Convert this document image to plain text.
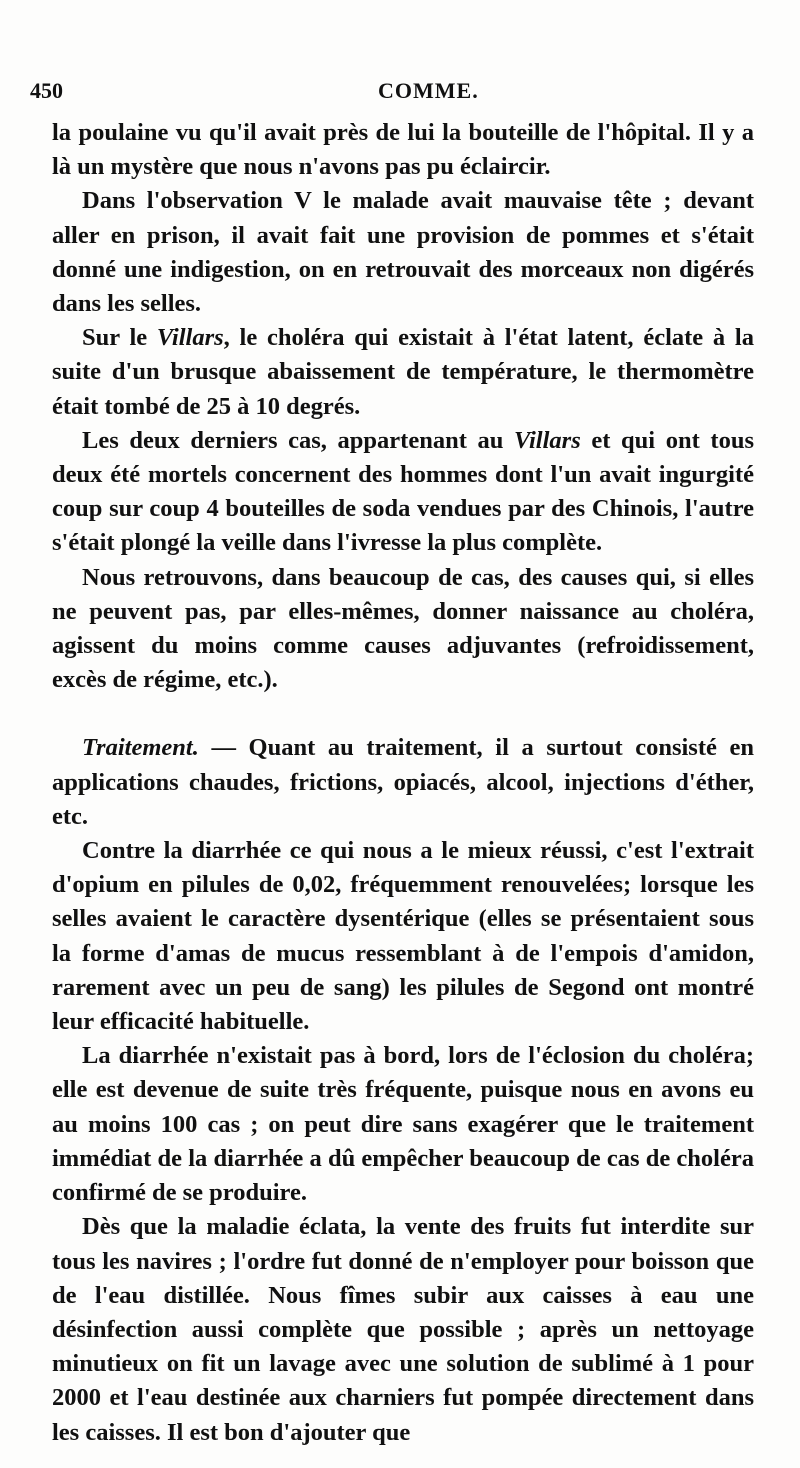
450	COMME.

la poulaine vu qu'il avait près de lui la bouteille de l'hôpital. Il y a là un mystère que nous n'avons pas pu éclaircir.

Dans l'observation V le malade avait mauvaise tête ; devant aller en prison, il avait fait une provision de pommes et s'était donné une indigestion, on en retrouvait des morceaux non digérés dans les selles.

Sur le Villars, le choléra qui existait à l'état latent, éclate à la suite d'un brusque abaissement de température, le thermomètre était tombé de 25 à 10 degrés.

Les deux derniers cas, appartenant au Villars et qui ont tous deux été mortels concernent des hommes dont l'un avait ingurgité coup sur coup 4 bouteilles de soda vendues par des Chinois, l'autre s'était plongé la veille dans l'ivresse la plus complète.

Nous retrouvons, dans beaucoup de cas, des causes qui, si elles ne peuvent pas, par elles-mêmes, donner naissance au choléra, agissent du moins comme causes adjuvantes (refroidissement, excès de régime, etc.).

Traitement. — Quant au traitement, il a surtout consisté en applications chaudes, frictions, opiacés, alcool, injections d'éther, etc.

Contre la diarrhée ce qui nous a le mieux réussi, c'est l'extrait d'opium en pilules de 0,02, fréquemment renouvelées; lorsque les selles avaient le caractère dysentérique (elles se présentaient sous la forme d'amas de mucus ressemblant à de l'empois d'amidon, rarement avec un peu de sang) les pilules de Segond ont montré leur efficacité habituelle.

La diarrhée n'existait pas à bord, lors de l'éclosion du choléra; elle est devenue de suite très fréquente, puisque nous en avons eu au moins 100 cas ; on peut dire sans exagérer que le traitement immédiat de la diarrhée a dû empêcher beaucoup de cas de choléra confirmé de se produire.

Dès que la maladie éclata, la vente des fruits fut interdite sur tous les navires ; l'ordre fut donné de n'employer pour boisson que de l'eau distillée. Nous fîmes subir aux caisses à eau une désinfection aussi complète que possible ; après un nettoyage minutieux on fit un lavage avec une solution de sublimé à 1 pour 2000 et l'eau destinée aux charniers fut pompée directement dans les caisses. Il est bon d'ajouter que
